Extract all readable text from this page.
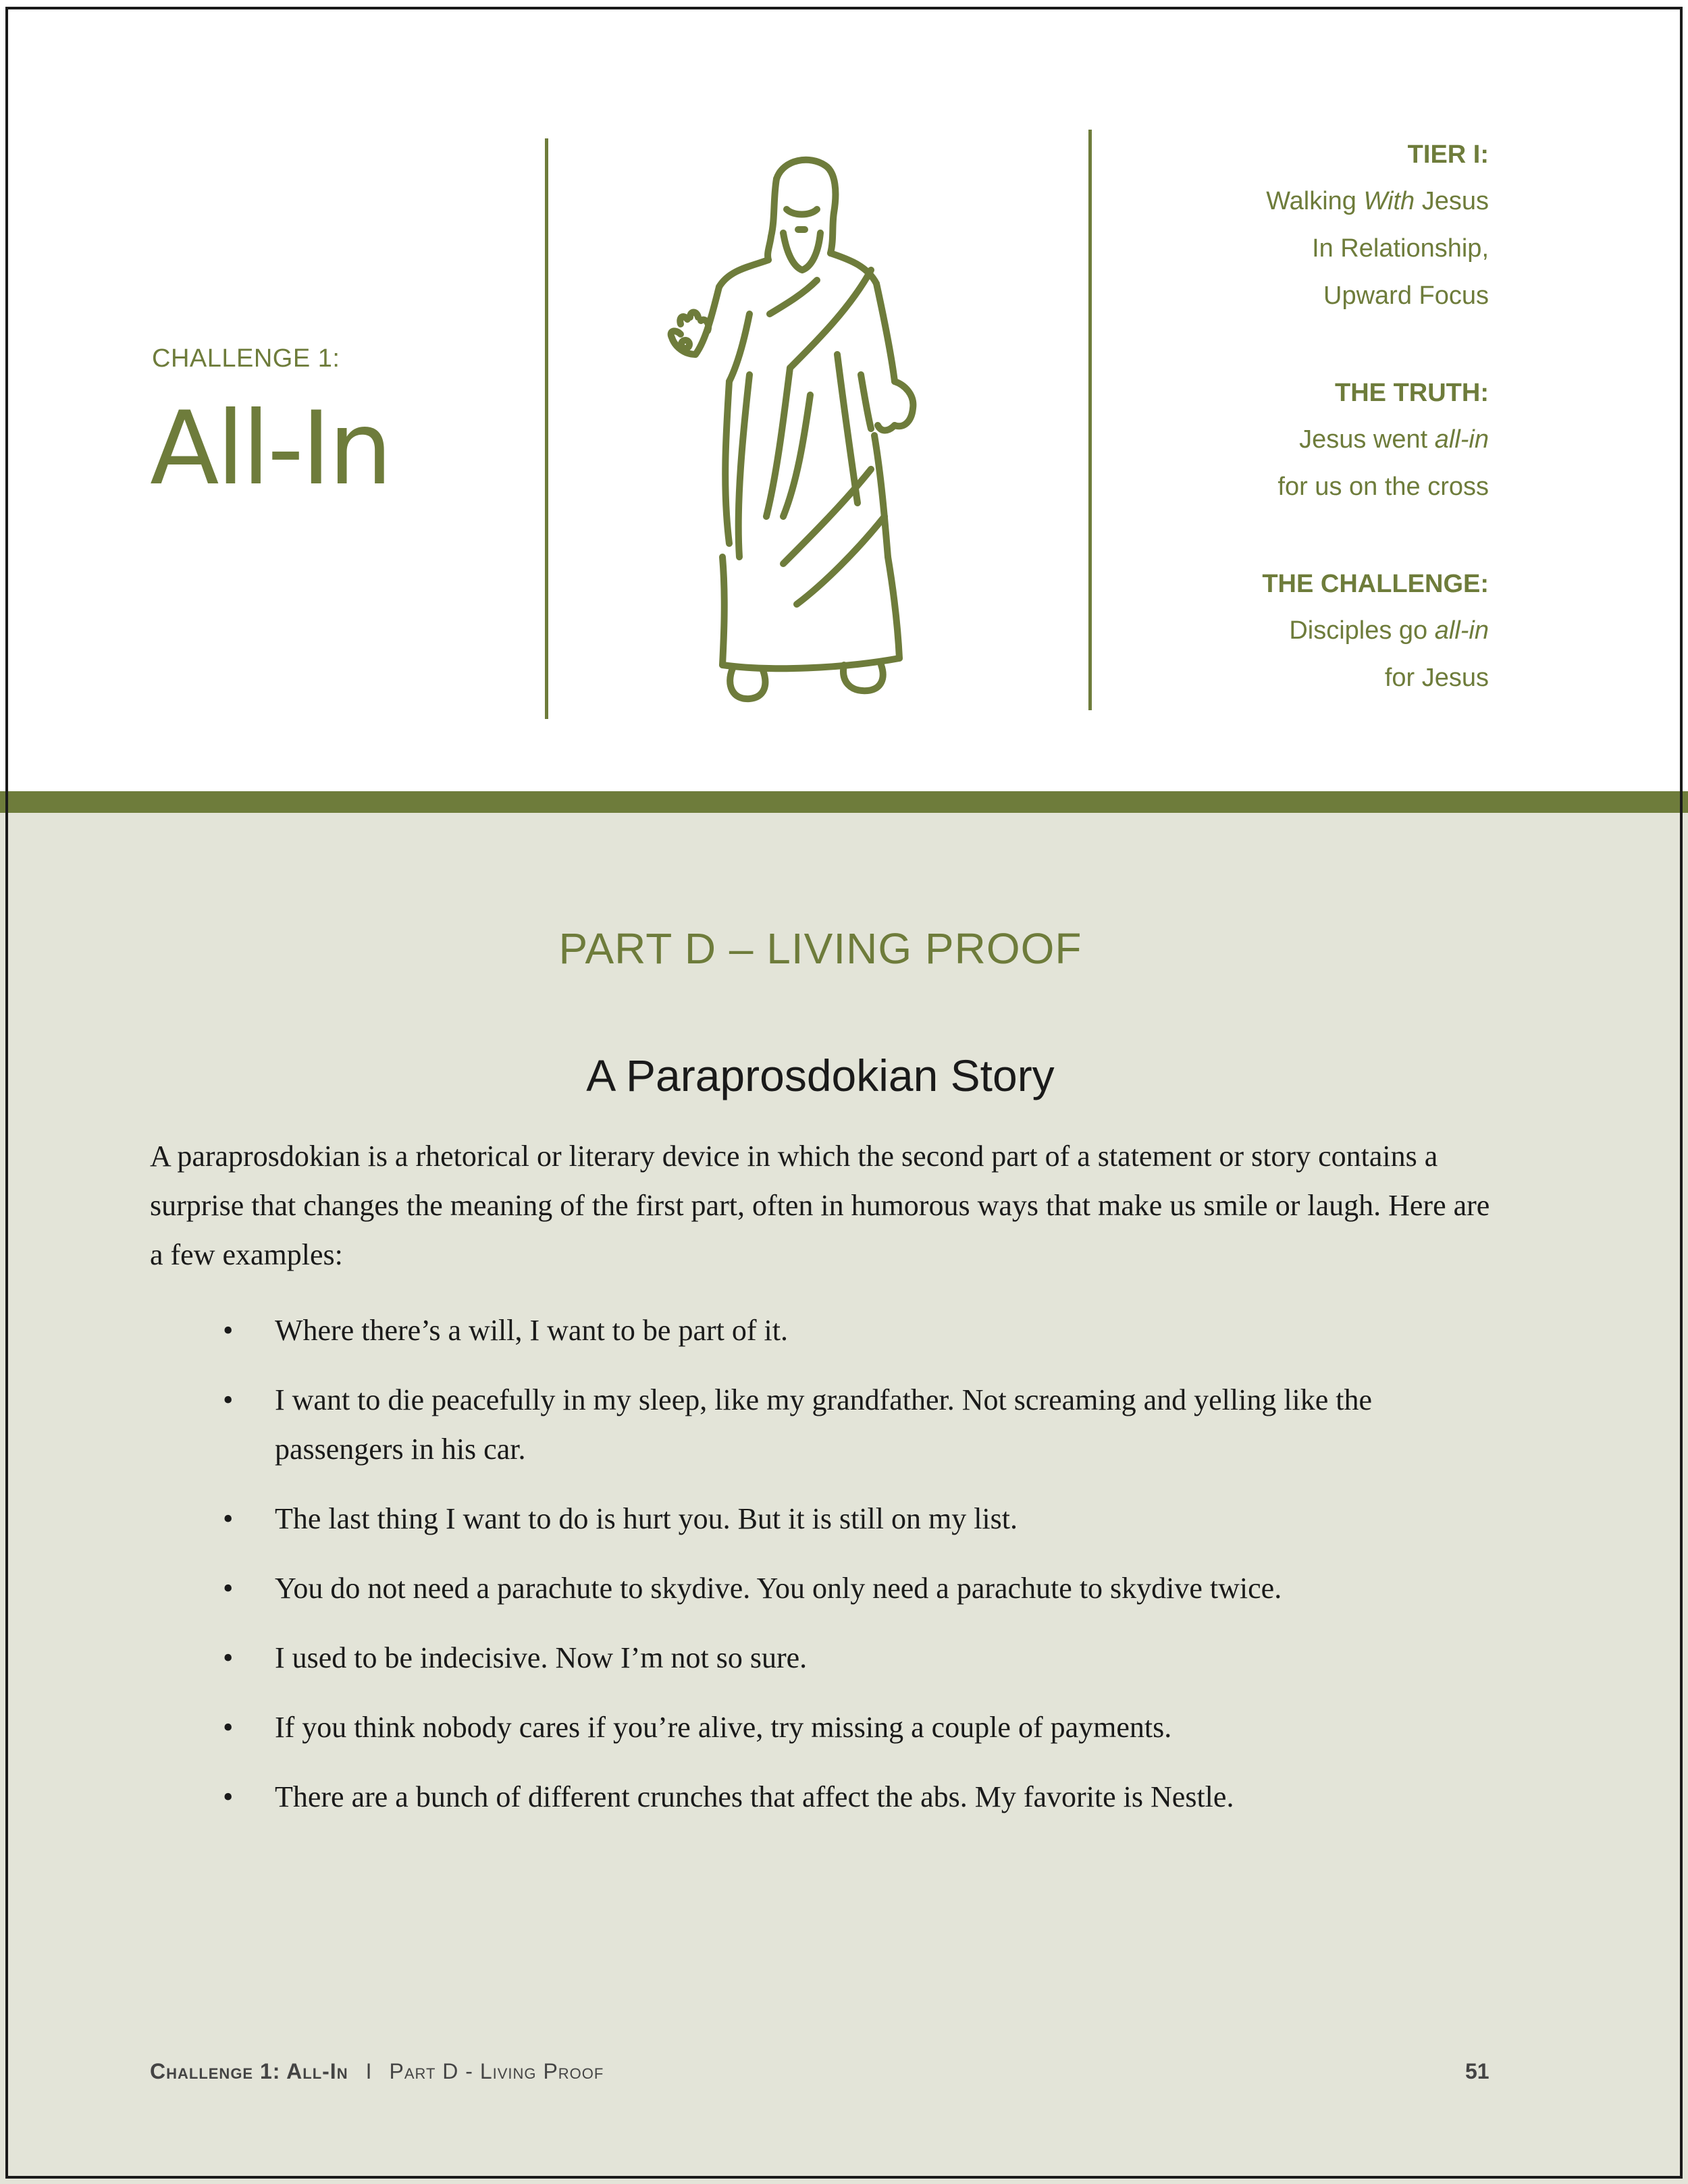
CHALLENGE 1:
All-In

TIER I:

Walking With Jesus

In Relationship,

Upward Focus

THE TRUTH:

Jesus went all-in

for us on the cross

THE CHALLENGE:

Disciples go all-in

for Jesus

PART D – LIVING PROOF
A Paraprosdokian Story

A paraprosdokian is a rhetorical or literary device in which the second part of a statement or story contains a surprise that changes the meaning of the first part, often in humorous ways that make us smile or laugh. Here are a few examples:

• Where there’s a will, I want to be part of it.
• I want to die peacefully in my sleep, like my grandfather. Not screaming and yelling like the passengers in his car.
• The last thing I want to do is hurt you. But it is still on my list.
• You do not need a parachute to skydive. You only need a parachute to skydive twice.
• I used to be indecisive. Now I’m not so sure.
• If you think nobody cares if you’re alive, try missing a couple of payments.
• There are a bunch of different crunches that affect the abs. My favorite is Nestle.
Challenge 1: All-In I Part D - Living Proof	51
